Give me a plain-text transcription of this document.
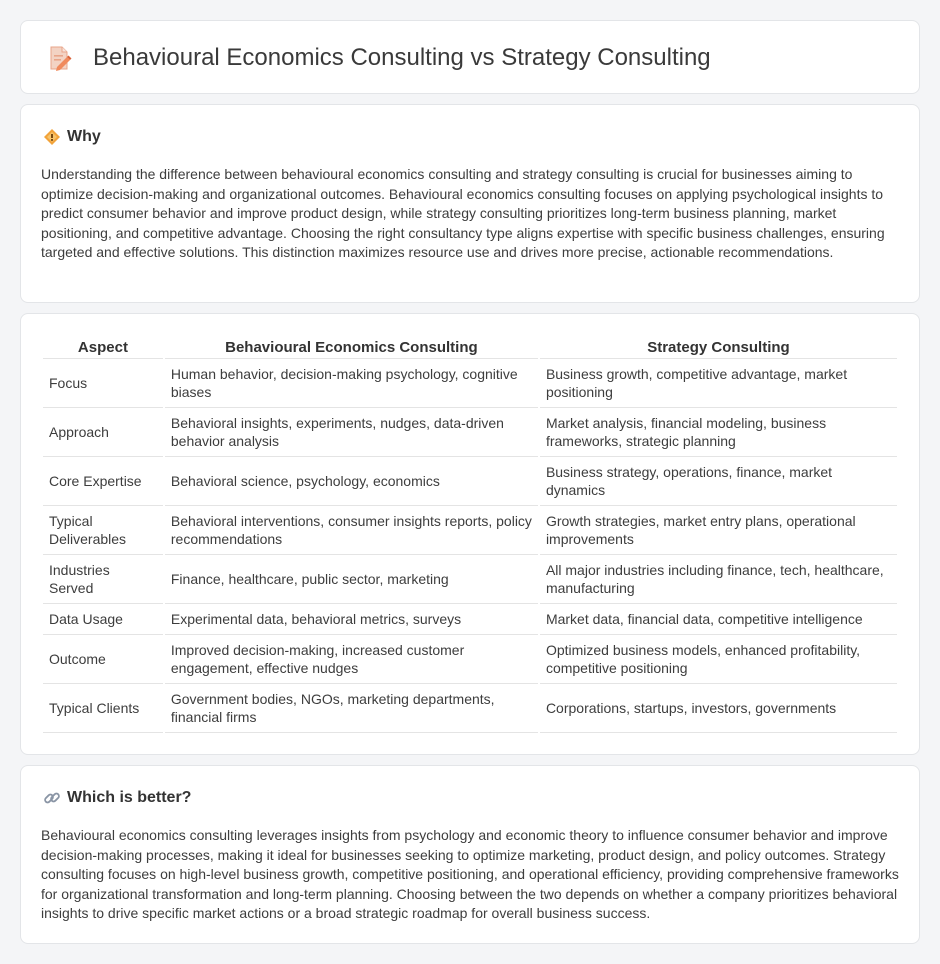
Behavioural Economics Consulting vs Strategy Consulting
Why

Understanding the difference between behavioural economics consulting and strategy consulting is crucial for businesses aiming to optimize decision-making and organizational outcomes. Behavioural economics consulting focuses on applying psychological insights to predict consumer behavior and improve product design, while strategy consulting prioritizes long-term business planning, market positioning, and competitive advantage. Choosing the right consultancy type aligns expertise with specific business challenges, ensuring targeted and effective solutions. This distinction maximizes resource use and drives more precise, actionable recommendations.

Aspect	Behavioural Economics Consulting	Strategy Consulting
Focus	Human behavior, decision-making psychology, cognitive biases	Business growth, competitive advantage, market positioning
Approach	Behavioral insights, experiments, nudges, data-driven behavior analysis	Market analysis, financial modeling, business frameworks, strategic planning
Core Expertise	Behavioral science, psychology, economics	Business strategy, operations, finance, market dynamics
Typical Deliverables	Behavioral interventions, consumer insights reports, policy recommendations	Growth strategies, market entry plans, operational improvements
Industries Served	Finance, healthcare, public sector, marketing	All major industries including finance, tech, healthcare, manufacturing
Data Usage	Experimental data, behavioral metrics, surveys	Market data, financial data, competitive intelligence
Outcome	Improved decision-making, increased customer engagement, effective nudges	Optimized business models, enhanced profitability, competitive positioning
Typical Clients	Government bodies, NGOs, marketing departments, financial firms	Corporations, startups, investors, governments
Which is better?

Behavioural economics consulting leverages insights from psychology and economic theory to influence consumer behavior and improve decision-making processes, making it ideal for businesses seeking to optimize marketing, product design, and policy outcomes. Strategy consulting focuses on high-level business growth, competitive positioning, and operational efficiency, providing comprehensive frameworks for organizational transformation and long-term planning. Choosing between the two depends on whether a company prioritizes behavioral insights to drive specific market actions or a broad strategic roadmap for overall business success.
